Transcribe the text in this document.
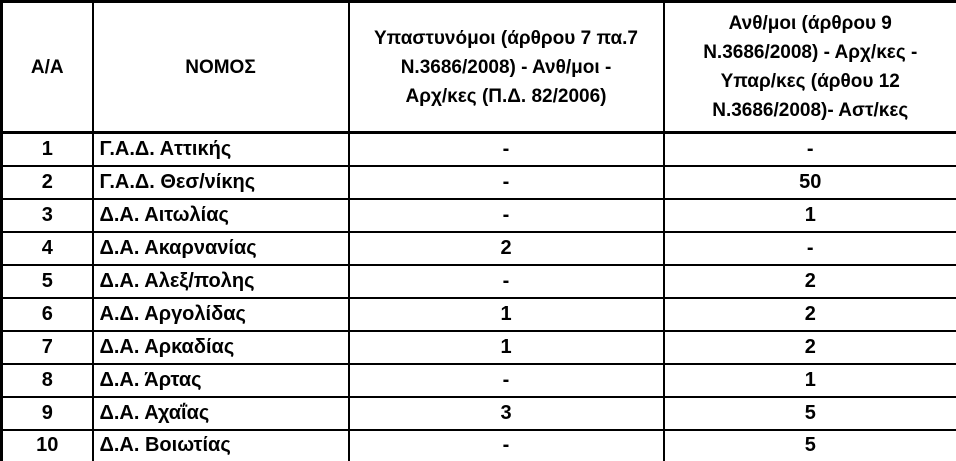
Α/Α	ΝΟΜΟΣ	Υπαστυνόμοι (άρθρου 7 πα.7
Ν.3686/2008) - Ανθ/μοι -
Αρχ/κες (Π.Δ. 82/2006)	Ανθ/μοι (άρθρου 9
Ν.3686/2008) - Αρχ/κες -
Υπαρ/κες (άρθου 12
Ν.3686/2008)- Αστ/κες

1	Γ.Α.Δ. Αττικής	-	-
2	Γ.Α.Δ. Θεσ/νίκης	-	50
3	Δ.Α. Αιτωλίας	-	1
4	Δ.Α. Ακαρνανίας	2	-
5	Δ.Α. Αλεξ/πολης	-	2
6	Α.Δ. Αργολίδας	1	2
7	Δ.Α. Αρκαδίας	1	2
8	Δ.Α. Άρτας	-	1
9	Δ.Α. Αχαΐας	3	5
10	Δ.Α. Βοιωτίας	-	5
